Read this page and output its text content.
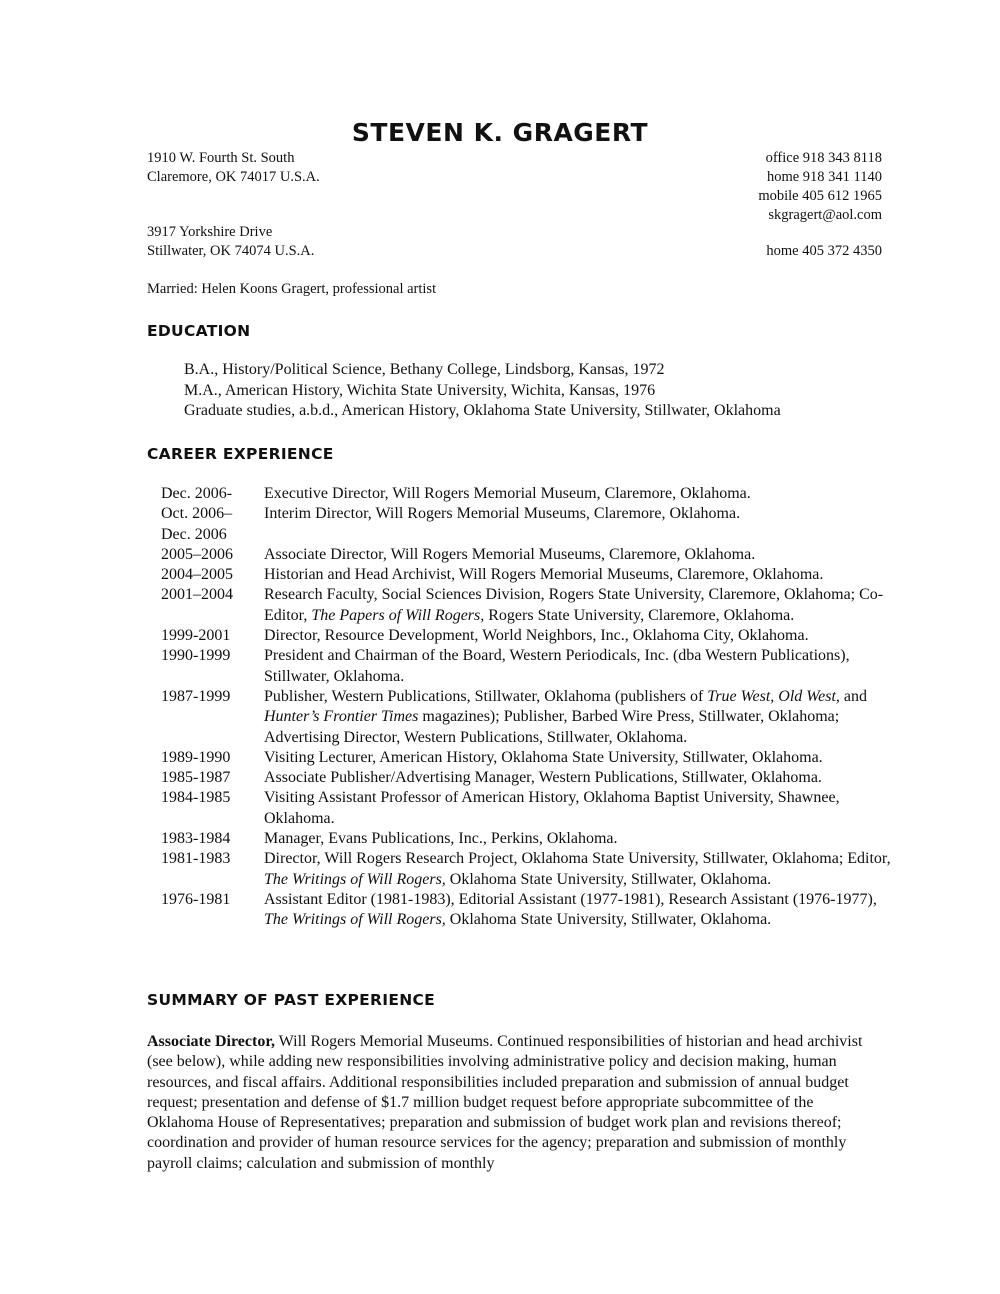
STEVEN K. GRAGERT
1910 W. Fourth St. South
Claremore, OK 74017 U.S.A.
office 918 343 8118
home 918 341 1140
mobile 405 612 1965
skgragert@aol.com
3917 Yorkshire Drive
Stillwater, OK 74074 U.S.A.	home 405 372 4350
Married: Helen Koons Gragert, professional artist
EDUCATION
B.A., History/Political Science, Bethany College, Lindsborg, Kansas, 1972
M.A., American History, Wichita State University, Wichita, Kansas, 1976
Graduate studies, a.b.d., American History, Oklahoma State University, Stillwater, Oklahoma
CAREER EXPERIENCE
Dec. 2006-	Executive Director, Will Rogers Memorial Museum, Claremore, Oklahoma.
Oct. 2006–	Interim Director, Will Rogers Memorial Museums, Claremore, Oklahoma.
Dec. 2006
2005–2006	Associate Director, Will Rogers Memorial Museums, Claremore, Oklahoma.
2004–2005	Historian and Head Archivist, Will Rogers Memorial Museums, Claremore, Oklahoma.
2001–2004	Research Faculty, Social Sciences Division, Rogers State University, Claremore, Oklahoma; Co-Editor, The Papers of Will Rogers, Rogers State University, Claremore, Oklahoma.
1999-2001	Director, Resource Development, World Neighbors, Inc., Oklahoma City, Oklahoma.
1990-1999	President and Chairman of the Board, Western Periodicals, Inc. (dba Western Publications), Stillwater, Oklahoma.
1987-1999	Publisher, Western Publications, Stillwater, Oklahoma (publishers of True West, Old West, and Hunter’s Frontier Times magazines); Publisher, Barbed Wire Press, Stillwater, Oklahoma; Advertising Director, Western Publications, Stillwater, Oklahoma.
1989-1990	Visiting Lecturer, American History, Oklahoma State University, Stillwater, Oklahoma.
1985-1987	Associate Publisher/Advertising Manager, Western Publications, Stillwater, Oklahoma.
1984-1985	Visiting Assistant Professor of American History, Oklahoma Baptist University, Shawnee, Oklahoma.
1983-1984	Manager, Evans Publications, Inc., Perkins, Oklahoma.
1981-1983	Director, Will Rogers Research Project, Oklahoma State University, Stillwater, Oklahoma; Editor, The Writings of Will Rogers, Oklahoma State University, Stillwater, Oklahoma.
1976-1981	Assistant Editor (1981-1983), Editorial Assistant (1977-1981), Research Assistant (1976-1977), The Writings of Will Rogers, Oklahoma State University, Stillwater, Oklahoma.
SUMMARY OF PAST EXPERIENCE
Associate Director, Will Rogers Memorial Museums. Continued responsibilities of historian and head archivist (see below), while adding new responsibilities involving administrative policy and decision making, human resources, and fiscal affairs. Additional responsibilities included preparation and submission of annual budget request; presentation and defense of $1.7 million budget request before appropriate subcommittee of the Oklahoma House of Representatives; preparation and submission of budget work plan and revisions thereof; coordination and provider of human resource services for the agency; preparation and submission of monthly payroll claims; calculation and submission of monthly
